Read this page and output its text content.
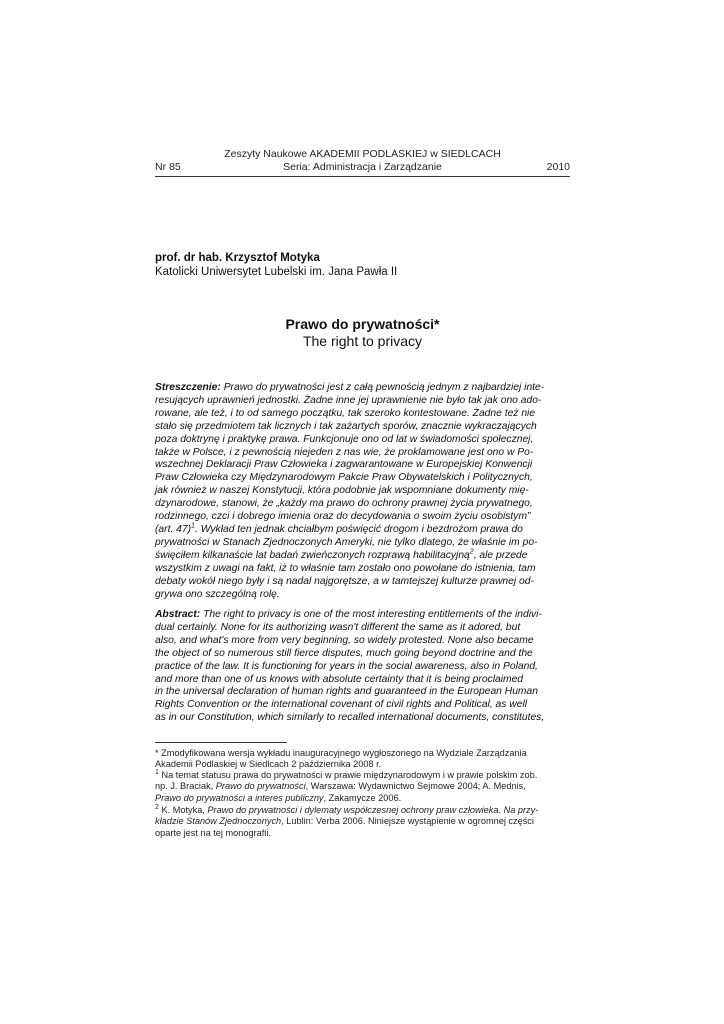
Zeszyty Naukowe AKADEMII PODLASKIEJ w SIEDLCACH
Nr 85	Seria: Administracja i Zarządzanie	2010
prof. dr hab. Krzysztof Motyka
Katolicki Uniwersytet Lubelski im. Jana Pawła II
Prawo do prywatności*
The right to privacy
Streszczenie: Prawo do prywatności jest z całą pewnością jednym z najbardziej inte-
resujących uprawnień jednostki. Żadne inne jej uprawnienie nie było tak jak ono ado-
rowane, ale też, i to od samego początku, tak szeroko kontestowane. Żadne też nie
stało się przedmiotem tak licznych i tak zażartych sporów, znacznie wykraczających
poza doktrynę i praktykę prawa. Funkcjonuje ono od lat w świadomości społecznej,
także w Polsce, i z pewnością niejeden z nas wie, że proklamowane jest ono w Po-
wszechnej Deklaracji Praw Człowieka i zagwarantowane w Europejskiej Konwencji
Praw Człowieka czy Międzynarodowym Pakcie Praw Obywatelskich i Politycznych,
jak również w naszej Konstytucji, która podobnie jak wspomniane dokumenty mię-
dzynarodowe, stanowi, że „każdy ma prawo do ochrony prawnej życia prywatnego,
rodzinnego, czci i dobrego imienia oraz do decydowania o swoim życiu osobistym”
(art. 47)$^1$. Wykład ten jednak chciałbym poświęcić drogom i bezdrożom prawa do
prywatności w Stanach Zjednoczonych Ameryki, nie tylko dlatego, że właśnie im po-
święciłem kilkanaście lat badań zwieńczonych rozprawą habilitacyjną$^2$, ale przede
wszystkim z uwagi na fakt, iż to właśnie tam zostało ono powołane do istnienia, tam
debaty wokół niego były i są nadal najgorętsze, a w tamtejszej kulturze prawnej od-
grywa ono szczególną rolę.
Abstract: The right to privacy is one of the most interesting entitlements of the indivi-
dual certainly. None for its authorizing wasn't different the same as it adored, but
also, and what's more from very beginning, so widely protested. None also became
the object of so numerous still fierce disputes, much going beyond doctrine and the
practice of the law. It is functioning for years in the social awareness, also in Poland,
and more than one of us knows with absolute certainty that it is being proclaimed
in the universal declaration of human rights and guaranteed in the European Human
Rights Convention or the international covenant of civil rights and Political, as well
as in our Constitution, which similarly to recalled international documents, constitutes,
* Zmodyfikowana wersja wykładu inauguracyjnego wygłoszonego na Wydziale Zarządzania
Akademii Podlaskiej w Siedlcach 2 października 2008 r.
$^1$ Na temat statusu prawa do prywatności w prawie międzynarodowym i w prawie polskim zob.
np. J. Braciak, Prawo do prywatności, Warszawa: Wydawnictwo Sejmowe 2004; A. Mednis,
Prawo do prywatności a interes publiczny, Zakamycze 2006.
$^2$ K. Motyka, Prawo do prywatności i dylematy współczesnej ochrony praw człowieka. Na przy-
kładzie Stanów Zjednoczonych, Lublin: Verba 2006. Niniejsze wystąpienie w ogromnej części
oparte jest na tej monografii.
